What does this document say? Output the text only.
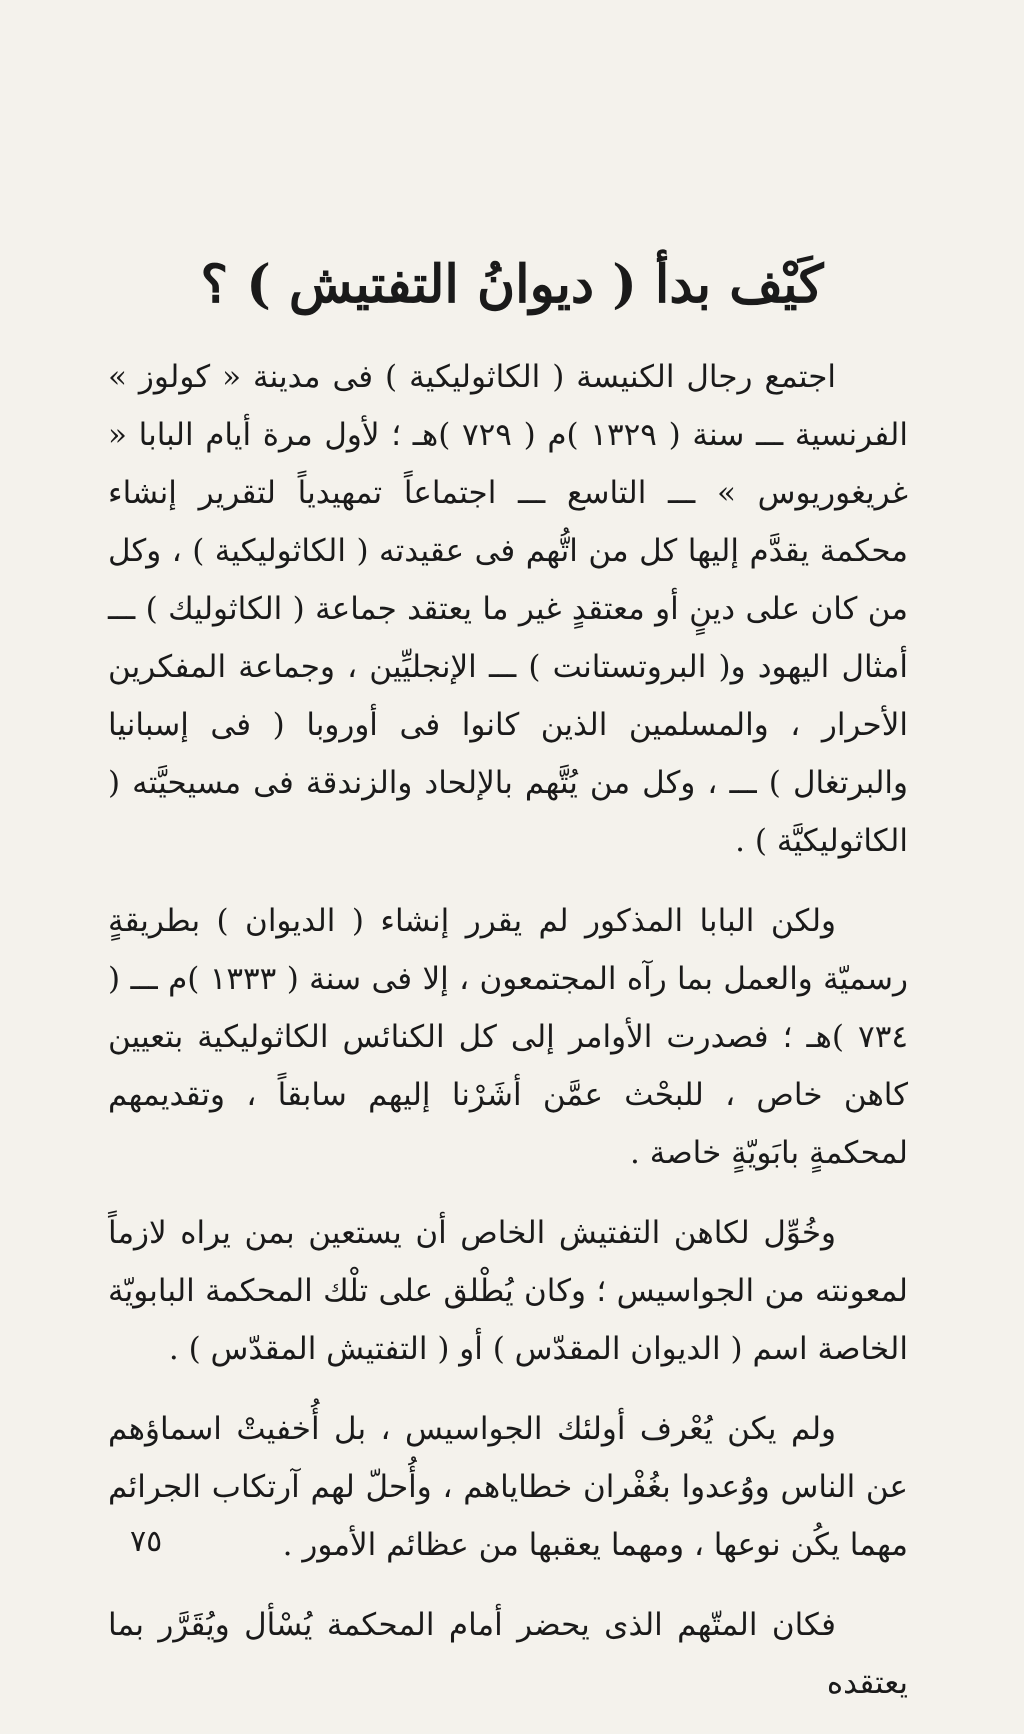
كَيْف بدأ ( ديوانُ التفتيش ) ؟

اجتمع رجال الكنيسة ( الكاثوليكية ) فى مدينة « كولوز » الفرنسية ـــ سنة ( ١٣٢٩ )م ( ٧٢٩ )هـ ؛ لأول مرة أيام البابا « غريغوريوس » ـــ التاسع ـــ اجتماعاً تمهيدياً لتقرير إنشاء محكمة يقدَّم إليها كل من اتُّهم فى عقيدته ( الكاثوليكية ) ، وكل من كان على دينٍ أو معتقدٍ غير ما يعتقد جماعة ( الكاثوليك ) ـــ أمثال اليهود و( البروتستانت ) ـــ الإنجليِّين ، وجماعة المفكرين الأحرار ، والمسلمين الذين كانوا فى أوروبا ( فى إسبانيا والبرتغال ) ـــ ، وكل من يُتَّهم بالإلحاد والزندقة فى مسيحيَّته ( الكاثوليكيَّة ) .

ولكن البابا المذكور لم يقرر إنشاء ( الديوان ) بطريقةٍ رسميّة والعمل بما رآه المجتمعون ، إلا فى سنة ( ١٣٣٣ )م ـــ ( ٧٣٤ )هـ ؛ فصدرت الأوامر إلى كل الكنائس الكاثوليكية بتعيين كاهن خاص ، للبحْث عمَّن أشَرْنا إليهم سابقاً ، وتقديمهم لمحكمةٍ بابَويّةٍ خاصة .

وخُوِّل لكاهن التفتيش الخاص أن يستعين بمن يراه لازماً لمعونته من الجواسيس ؛ وكان يُطْلق على تلْك المحكمة البابويّة الخاصة اسم ( الديوان المقدّس ) أو ( التفتيش المقدّس ) .

ولم يكن يُعْرف أولئك الجواسيس ، بل أُخفيتْ اسماؤهم عن الناس ووُعدوا بغُفْران خطاياهم ، وأُحلّ لهم آرتكاب الجرائم مهما يكُن نوعها ، ومهما يعقبها من عظائم الأمور .

فكان المتّهم الذى يحضر أمام المحكمة يُسْأل ويُقَرَّر بما يعتقده

٧٥
